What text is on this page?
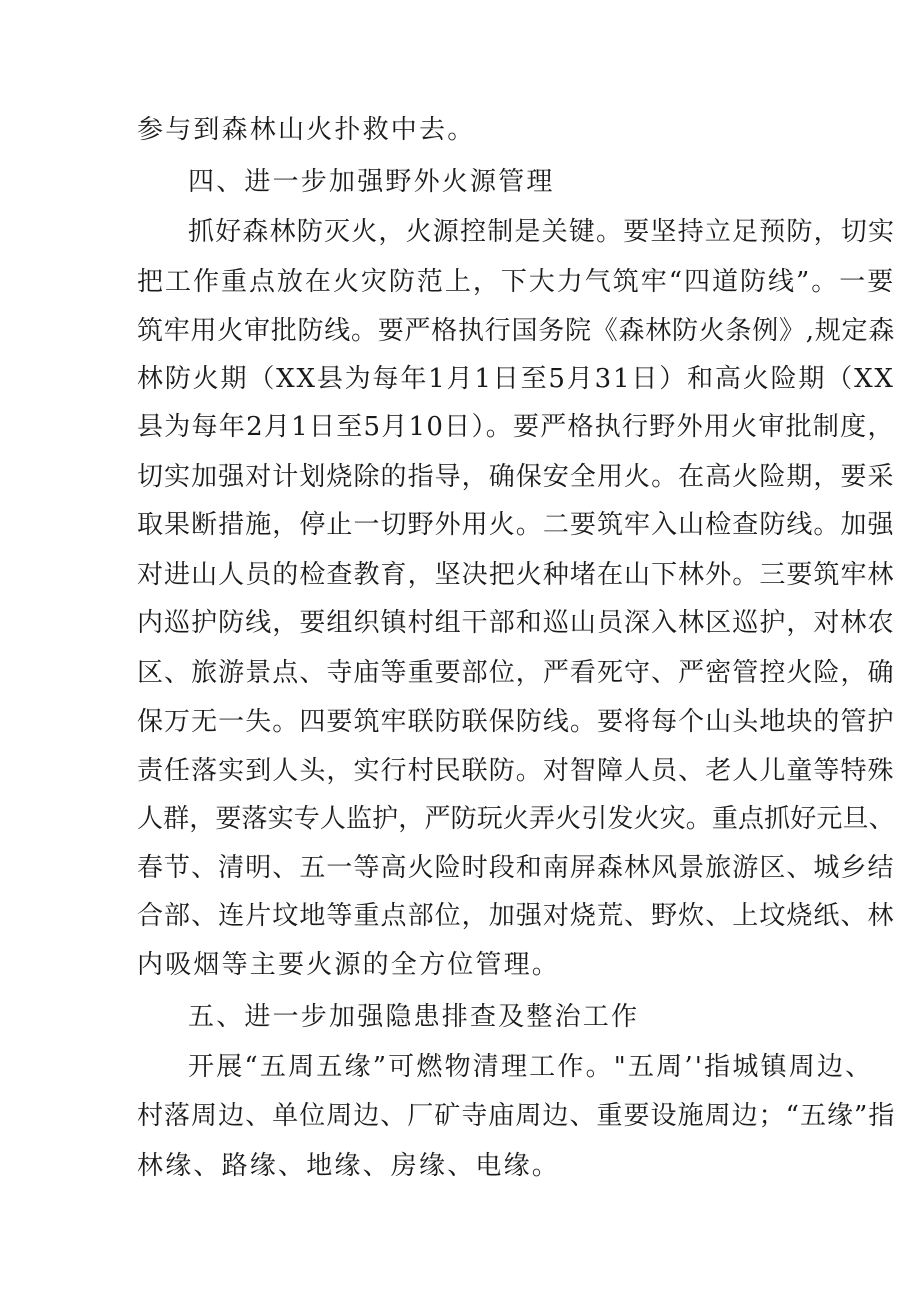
参与到森林山火扑救中去。
四、进一步加强野外火源管理
抓好森林防灭火，火源控制是关键。要坚持立足预防，切实
把工作重点放在火灾防范上，下大力气筑牢“四道防线”。一要
筑牢用火审批防线。要严格执行国务院《森林防火条例》,规定森
林防火期（XX县为每年1月1日至5月31日）和高火险期（XX
县为每年2月1日至5月10日）。要严格执行野外用火审批制度，
切实加强对计划烧除的指导，确保安全用火。在高火险期，要采
取果断措施，停止一切野外用火。二要筑牢入山检查防线。加强
对进山人员的检查教育，坚决把火种堵在山下林外。三要筑牢林
内巡护防线，要组织镇村组干部和巡山员深入林区巡护，对林农
区、旅游景点、寺庙等重要部位，严看死守、严密管控火险，确
保万无一失。四要筑牢联防联保防线。要将每个山头地块的管护
责任落实到人头，实行村民联防。对智障人员、老人儿童等特殊
人群，要落实专人监护，严防玩火弄火引发火灾。重点抓好元旦、
春节、清明、五一等高火险时段和南屏森林风景旅游区、城乡结
合部、连片坟地等重点部位，加强对烧荒、野炊、上坟烧纸、林
内吸烟等主要火源的全方位管理。
五、进一步加强隐患排查及整治工作
开展“五周五缘”可燃物清理工作。"五周’'指城镇周边、
村落周边、单位周边、厂矿寺庙周边、重要设施周边；“五缘”指
林缘、路缘、地缘、房缘、电缘。
